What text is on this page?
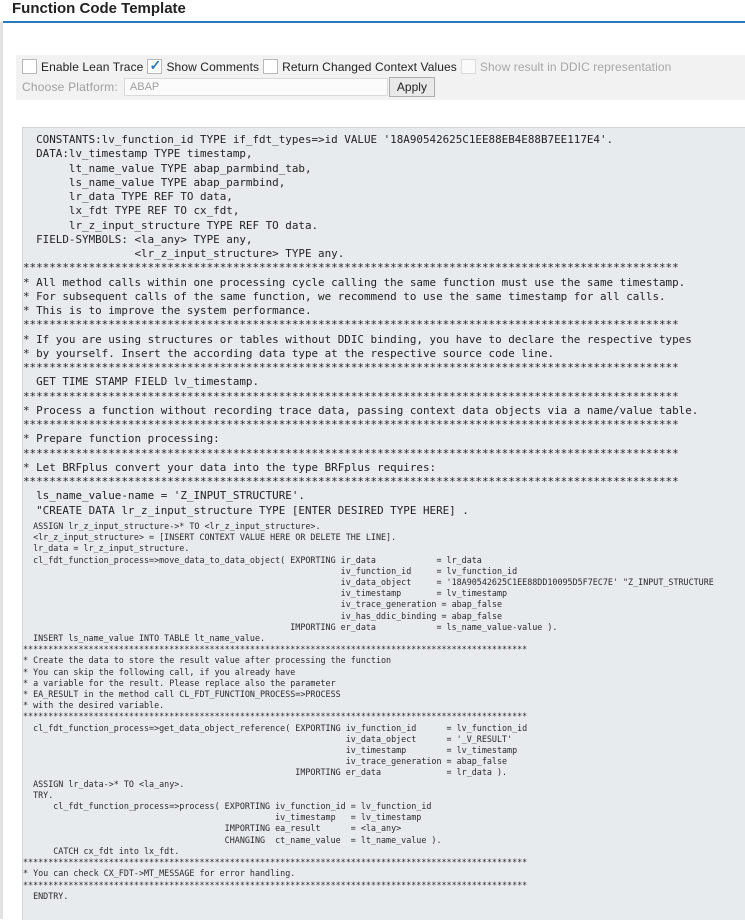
Function Code Template
Enable Lean Trace ✓ Show Comments Return Changed Context Values Show result in DDIC representation
Choose Platform:
ABAP	Apply
CONSTANTS:lv_function_id TYPE if_fdt_types=>id VALUE '18A90542625C1EE88EB4E88B7EE117E4'.
DATA:lv_timestamp TYPE timestamp,
lt_name_value TYPE abap_parmbind_tab,
ls_name_value TYPE abap_parmbind,
lr_data TYPE REF TO data,
lx_fdt TYPE REF TO cx_fdt,
lr_z_input_structure TYPE REF TO data.
FIELD-SYMBOLS: <la_any> TYPE any,
<lr_z_input_structure> TYPE any.
****************************************************************************************************
* All method calls within one processing cycle calling the same function must use the same timestamp.
* For subsequent calls of the same function, we recommend to use the same timestamp for all calls.
* This is to improve the system performance.
****************************************************************************************************
* If you are using structures or tables without DDIC binding, you have to declare the respective types
* by yourself. Insert the according data type at the respective source code line.
****************************************************************************************************
GET TIME STAMP FIELD lv_timestamp.
****************************************************************************************************
* Process a function without recording trace data, passing context data objects via a name/value table.
****************************************************************************************************
* Prepare function processing:
****************************************************************************************************
* Let BRFplus convert your data into the type BRFplus requires:
****************************************************************************************************
ls_name_value-name = 'Z_INPUT_STRUCTURE'.
"CREATE DATA lr_z_input_structure TYPE [ENTER DESIRED TYPE HERE] .
ASSIGN lr_z_input_structure->* TO <lr_z_input_structure>.
<lr_z_input_structure> = [INSERT CONTEXT VALUE HERE OR DELETE THE LINE].
lr_data = lr_z_input_structure.
cl_fdt_function_process=>move_data_to_data_object( EXPORTING ir_data            = lr_data
iv_function_id     = lv_function_id
iv_data_object     = '18A90542625C1EE88DD10095D5F7EC7E' "Z_INPUT_STRUCTURE
iv_timestamp       = lv_timestamp
iv_trace_generation = abap_false
iv_has_ddic_binding = abap_false
IMPORTING er_data            = ls_name_value-value ).
INSERT ls_name_value INTO TABLE lt_name_value.
****************************************************************************************************
* Create the data to store the result value after processing the function
* You can skip the following call, if you already have
* a variable for the result. Please replace also the parameter
* EA_RESULT in the method call CL_FDT_FUNCTION_PROCESS=>PROCESS
* with the desired variable.
****************************************************************************************************
cl_fdt_function_process=>get_data_object_reference( EXPORTING iv_function_id      = lv_function_id
iv_data_object      = '_V_RESULT'
iv_timestamp        = lv_timestamp
iv_trace_generation = abap_false
IMPORTING er_data             = lr_data ).
ASSIGN lr_data->* TO <la_any>.
TRY.
cl_fdt_function_process=>process( EXPORTING iv_function_id = lv_function_id
iv_timestamp   = lv_timestamp
IMPORTING ea_result      = <la_any>
CHANGING  ct_name_value  = lt_name_value ).
CATCH cx_fdt into lx_fdt.
****************************************************************************************************
* You can check CX_FDT->MT_MESSAGE for error handling.
****************************************************************************************************
ENDTRY.
